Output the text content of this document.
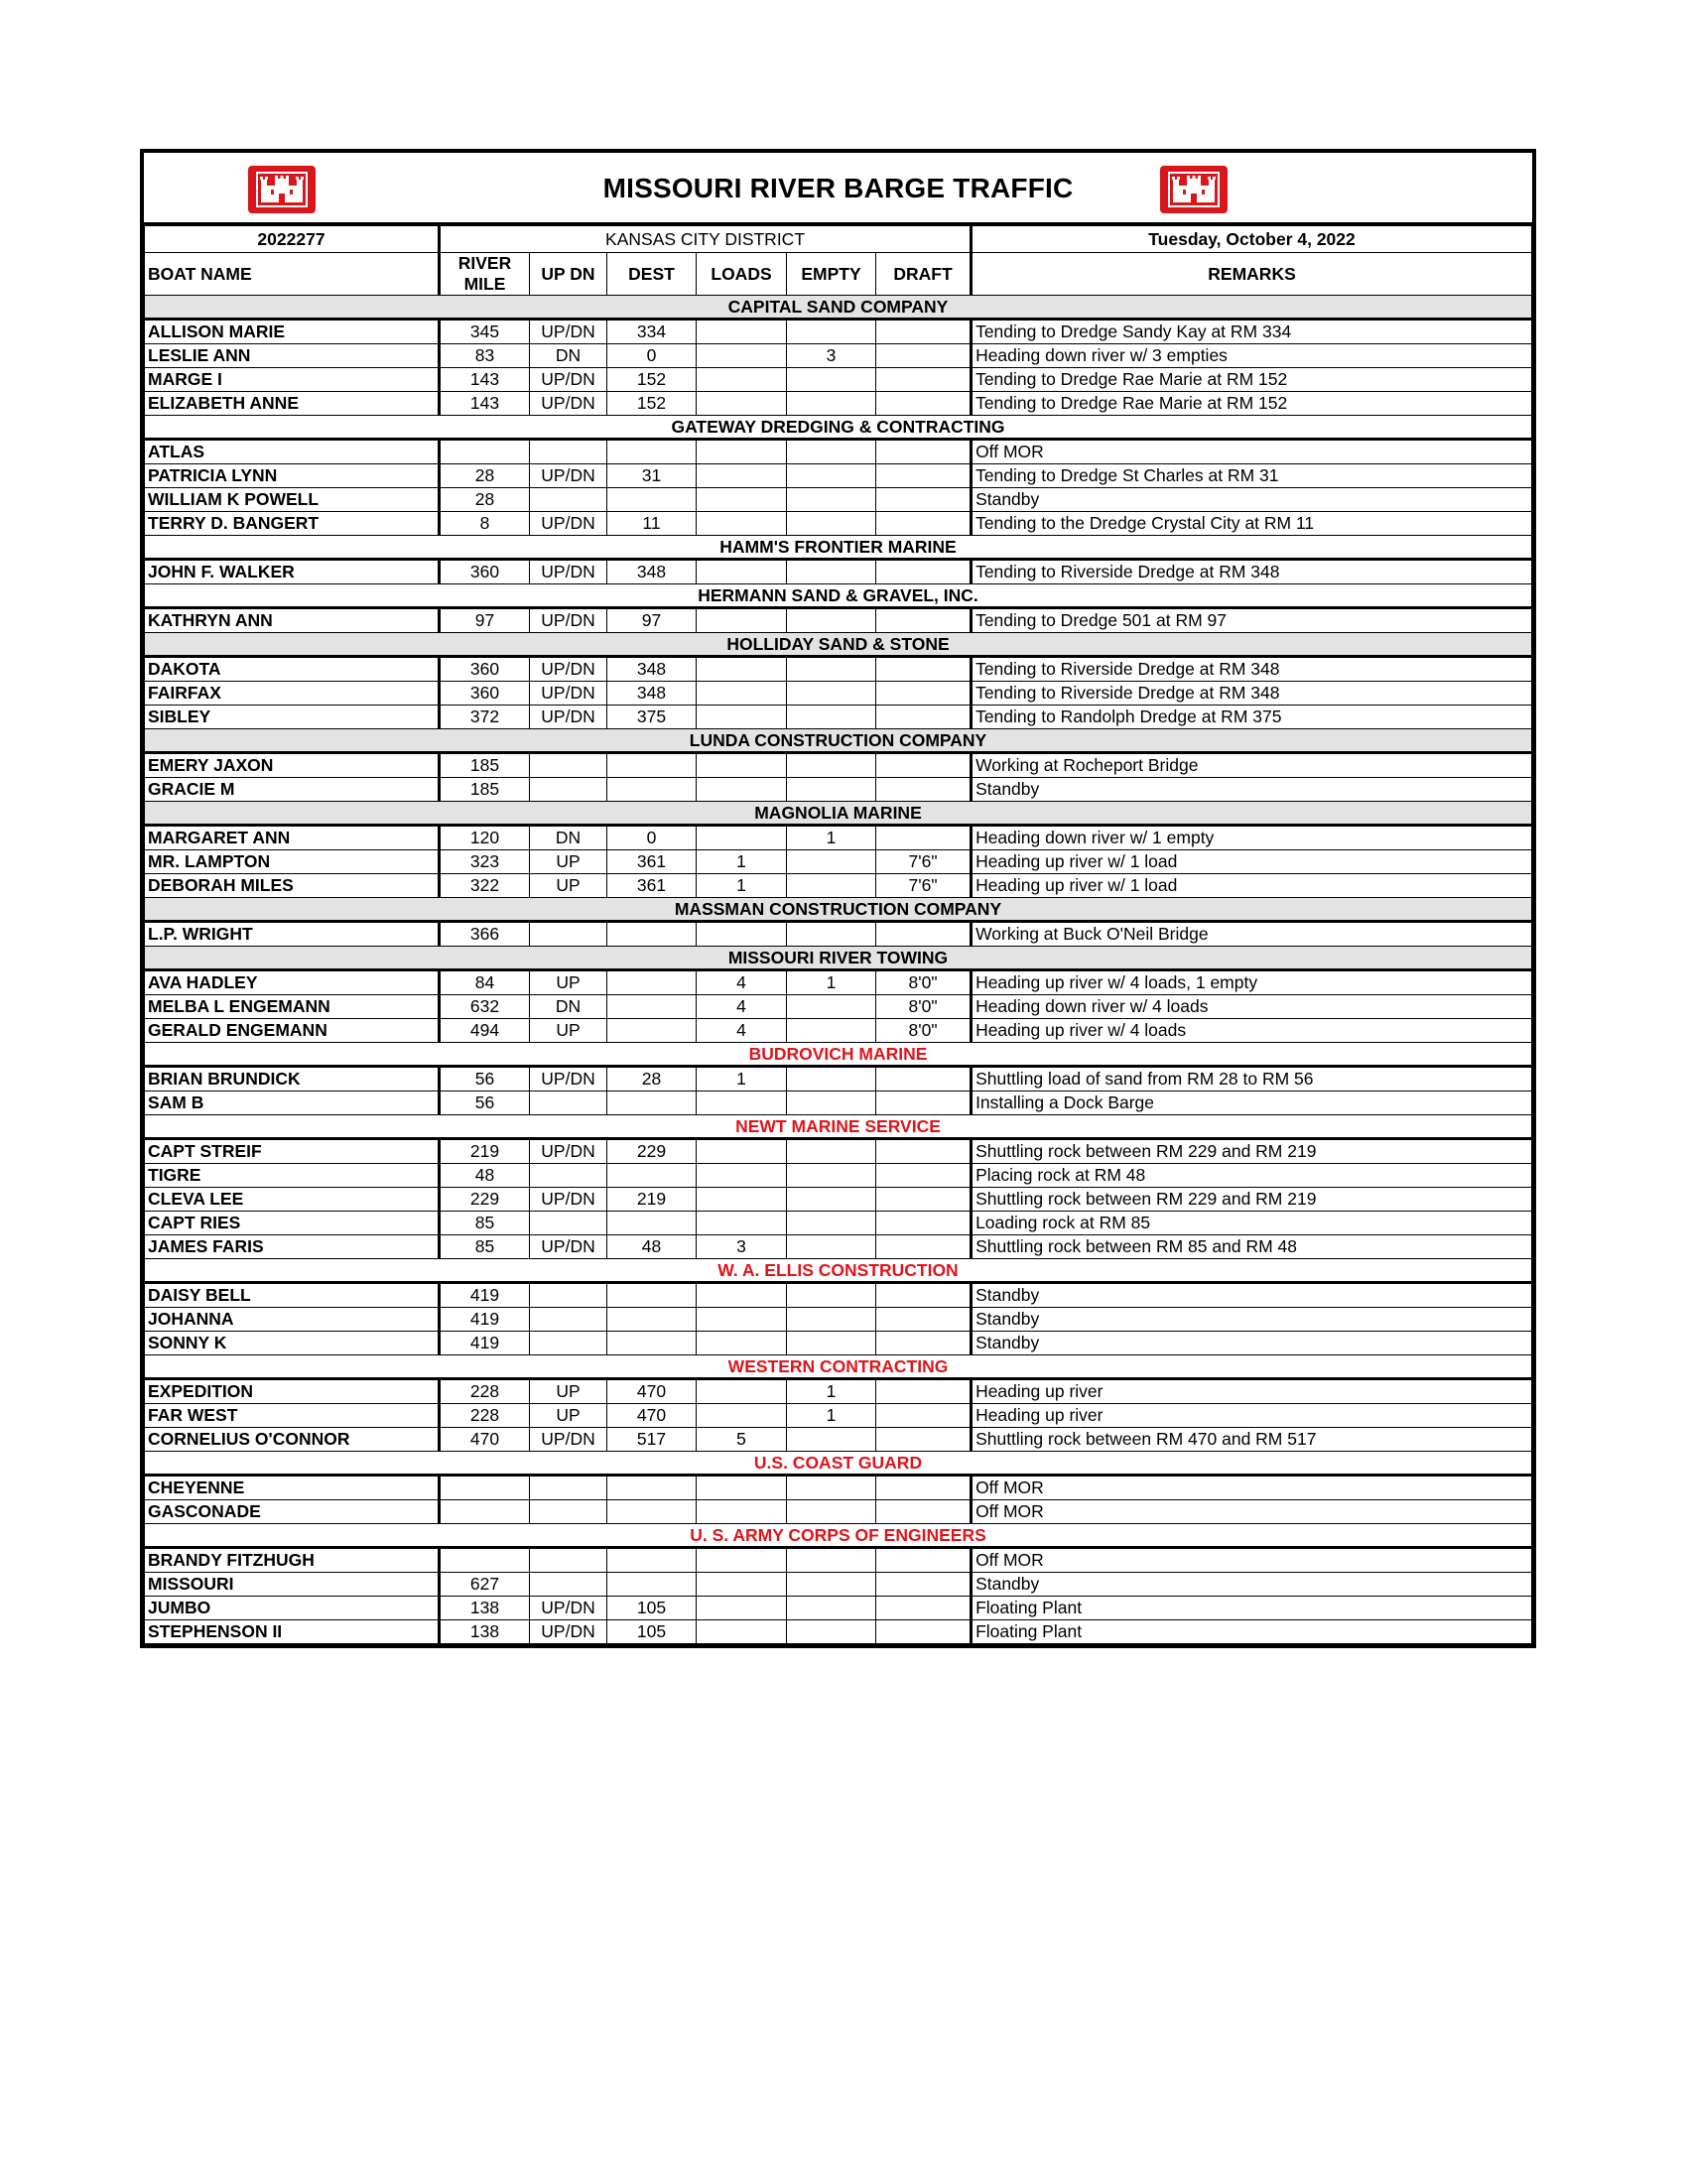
MISSOURI RIVER BARGE TRAFFIC
2022277	KANSAS CITY DISTRICT						Tuesday, October 4, 2022
BOAT NAME	RIVER MILE	UP DN	DEST	LOADS	EMPTY	DRAFT	REMARKS
CAPITAL SAND COMPANY							
ALLISON MARIE	345	UP/DN	334				Tending to Dredge Sandy Kay at RM 334
LESLIE ANN	83	DN	0		3		Heading down river w/ 3 empties
MARGE I	143	UP/DN	152				Tending to Dredge Rae Marie at RM 152
ELIZABETH ANNE	143	UP/DN	152				Tending to Dredge Rae Marie at RM 152
GATEWAY DREDGING & CONTRACTING							
ATLAS							Off MOR
PATRICIA LYNN	28	UP/DN	31				Tending to Dredge St Charles at RM 31
WILLIAM K POWELL	28						Standby
TERRY D. BANGERT	8	UP/DN	11				Tending to the Dredge Crystal City at RM 11
HAMM'S FRONTIER MARINE							
JOHN F. WALKER	360	UP/DN	348				Tending to Riverside Dredge at RM 348
HERMANN SAND & GRAVEL, INC.							
KATHRYN ANN	97	UP/DN	97				Tending to Dredge 501 at RM 97
HOLLIDAY SAND & STONE							
DAKOTA	360	UP/DN	348				Tending to Riverside Dredge at RM 348
FAIRFAX	360	UP/DN	348				Tending to Riverside Dredge at RM 348
SIBLEY	372	UP/DN	375				Tending to Randolph Dredge at RM 375
LUNDA CONSTRUCTION COMPANY							
EMERY JAXON	185						Working at Rocheport Bridge
GRACIE M	185						Standby
MAGNOLIA MARINE							
MARGARET ANN	120	DN	0		1		Heading down river w/ 1 empty
MR. LAMPTON	323	UP	361	1		7'6"	Heading up river w/ 1 load
DEBORAH MILES	322	UP	361	1		7'6"	Heading up river w/ 1 load
MASSMAN CONSTRUCTION COMPANY							
L.P. WRIGHT	366						Working at Buck O'Neil Bridge
MISSOURI RIVER TOWING							
AVA HADLEY	84	UP		4	1	8'0"	Heading up river w/ 4 loads, 1 empty
MELBA L ENGEMANN	632	DN		4		8'0"	Heading down river w/ 4 loads
GERALD ENGEMANN	494	UP		4		8'0"	Heading up river w/ 4 loads
BUDROVICH MARINE							
BRIAN BRUNDICK	56	UP/DN	28	1			Shuttling load of sand from RM 28 to RM 56
SAM B	56						Installing a Dock Barge
NEWT MARINE SERVICE							
CAPT STREIF	219	UP/DN	229				Shuttling rock between RM 229 and RM 219
TIGRE	48						Placing rock at RM 48
CLEVA LEE	229	UP/DN	219				Shuttling rock between RM 229 and RM 219
CAPT RIES	85						Loading rock at RM 85
JAMES FARIS	85	UP/DN	48	3			Shuttling rock between RM 85 and RM 48
W. A. ELLIS CONSTRUCTION							
DAISY BELL	419						Standby
JOHANNA	419						Standby
SONNY K	419						Standby
WESTERN CONTRACTING							
EXPEDITION	228	UP	470		1		Heading up river
FAR WEST	228	UP	470		1		Heading up river
CORNELIUS O'CONNOR	470	UP/DN	517	5			Shuttling rock between RM 470 and RM 517
U.S. COAST GUARD							
CHEYENNE							Off MOR
GASCONADE							Off MOR
U. S. ARMY CORPS OF ENGINEERS							
BRANDY FITZHUGH							Off MOR
MISSOURI	627						Standby
JUMBO	138	UP/DN	105				Floating Plant
STEPHENSON II	138	UP/DN	105				Floating Plant
